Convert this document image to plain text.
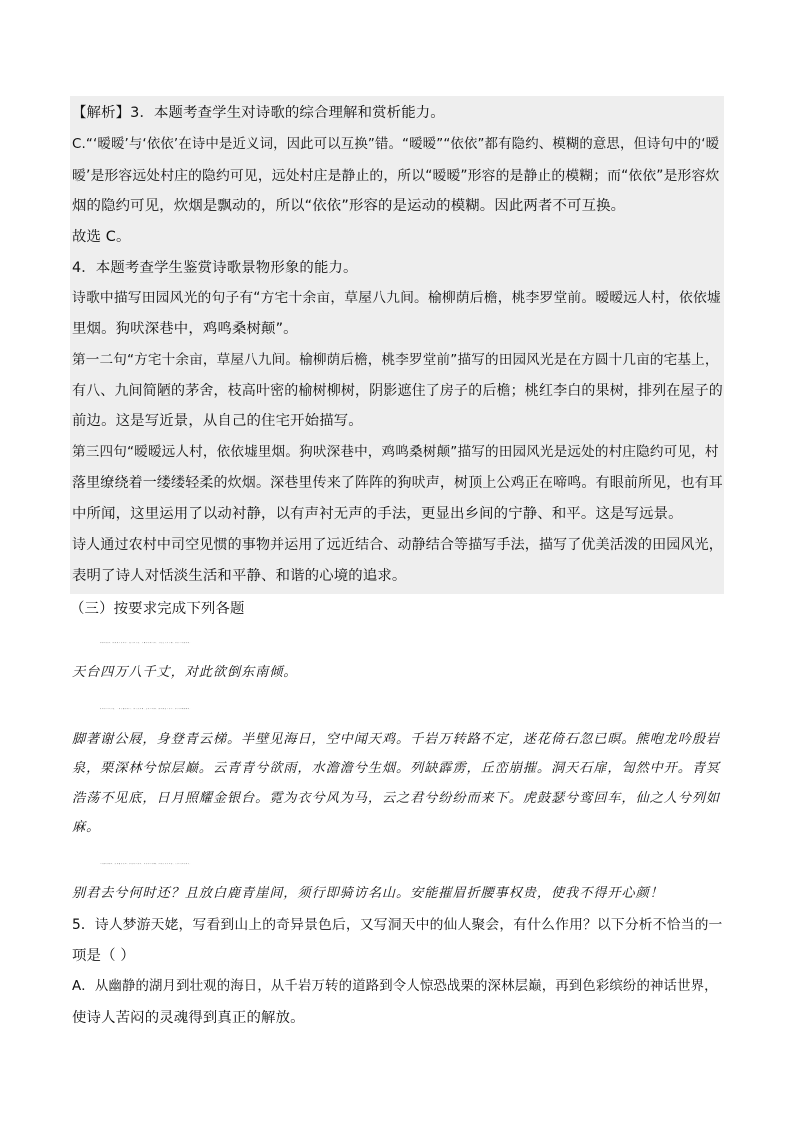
【解析】3．本题考查学生对诗歌的综合理解和赏析能力。
C.“‘暧暧’与‘依依’在诗中是近义词，因此可以互换”错。“暧暧”“依依”都有隐约、模糊的意思，但诗句中的‘暧
暧’是形容远处村庄的隐约可见，远处村庄是静止的，所以“暧暧”形容的是静止的模糊；而“依依”是形容炊
烟的隐约可见，炊烟是飘动的，所以“依依”形容的是运动的模糊。因此两者不可互换。
故选 C。
4．本题考查学生鉴赏诗歌景物形象的能力。
诗歌中描写田园风光的句子有“方宅十余亩，草屋八九间。榆柳荫后檐，桃李罗堂前。暧暧远人村，依依墟
里烟。狗吠深巷中，鸡鸣桑树颠”。
第一二句“方宅十余亩，草屋八九间。榆柳荫后檐，桃李罗堂前”描写的田园风光是在方圆十几亩的宅基上，
有八、九间简陋的茅舍，枝高叶密的榆树柳树，阴影遮住了房子的后檐；桃红李白的果树，排列在屋子的
前边。这是写近景，从自己的住宅开始描写。
第三四句“暧暧远人村，依依墟里烟。狗吠深巷中，鸡鸣桑树颠”描写的田园风光是远处的村庄隐约可见，村
落里缭绕着一缕缕轻柔的炊烟。深巷里传来了阵阵的狗吠声，树顶上公鸡正在啼鸣。有眼前所见，也有耳
中所闻，这里运用了以动衬静，以有声衬无声的手法，更显出乡间的宁静、和平。这是写远景。
诗人通过农村中司空见惯的事物并运用了远近结合、动静结合等描写手法，描写了优美活泼的田园风光，
表明了诗人对恬淡生活和平静、和谐的心境的追求。
（三）按要求完成下列各题
海客谈瀛洲，烟涛微茫信难求；越人语天姥，云霞明灭或可睹。天姥连天向天横，势拔五岳掩赤城。
天台四万八千丈，对此欲倒东南倾。
我欲因之梦吴越，一夜飞度镜湖月。湖月照我影，送我至剡溪。谢公宿处今尚在，渌水荡漾清猿啼。
脚著谢公屐，身登青云梯。半壁见海日，空中闻天鸡。千岩万转路不定，迷花倚石忽已暝。熊咆龙吟殷岩
泉，栗深林兮惊层巅。云青青兮欲雨，水澹澹兮生烟。列缺霹雳，丘峦崩摧。洞天石扉，訇然中开。青冥
浩荡不见底，日月照耀金银台。霓为衣兮风为马，云之君兮纷纷而来下。虎鼓瑟兮鸾回车，仙之人兮列如
麻。
忽魂悸以魄动，恍惊起而长嗟。惟觉时之枕席，失向来之烟霞。世间行乐亦如此，古来万事东流水。
别君去兮何时还？且放白鹿青崖间，须行即骑访名山。安能摧眉折腰事权贵，使我不得开心颜！
5．诗人梦游天姥，写看到山上的奇异景色后，又写洞天中的仙人聚会，有什么作用？以下分析不恰当的一
项是（ ）
A．从幽静的湖月到壮观的海日，从千岩万转的道路到令人惊恐战栗的深林层巅，再到色彩缤纷的神话世界，
使诗人苦闷的灵魂得到真正的解放。
